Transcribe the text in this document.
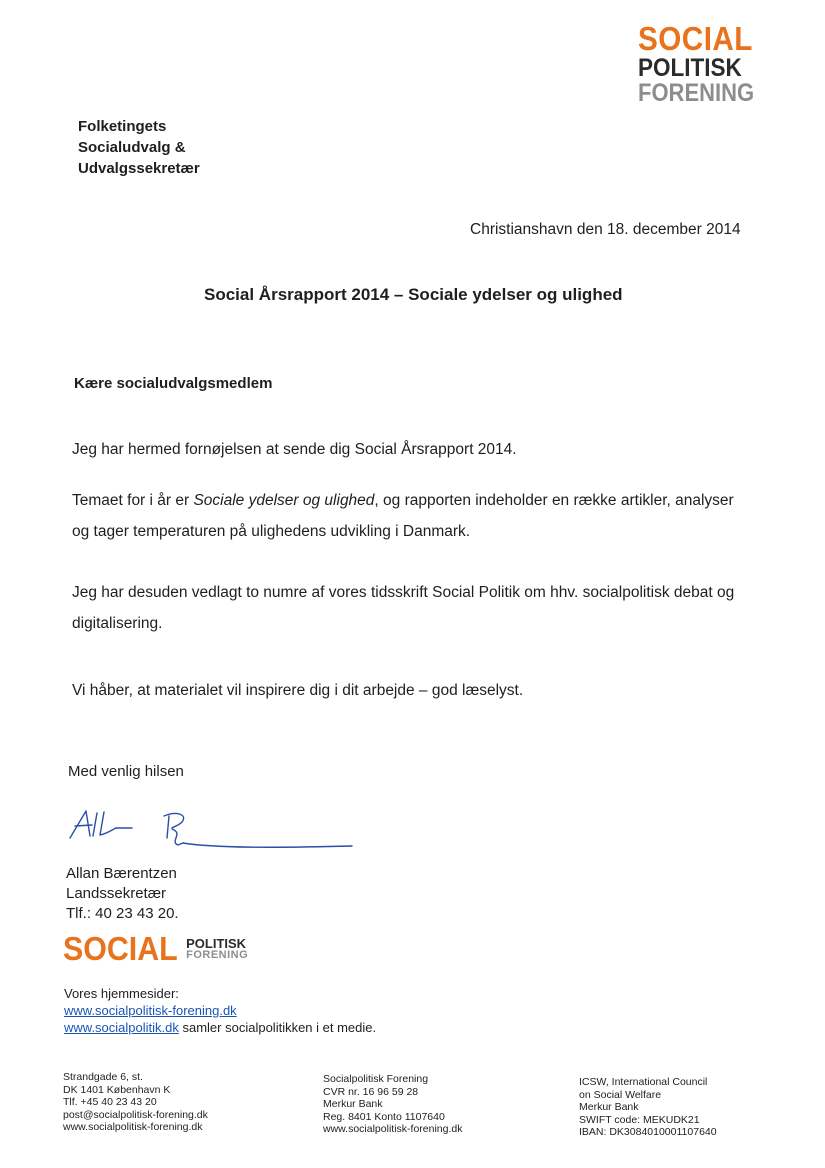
SOCIAL
POLITISK
FORENING
Folketingets
Socialudvalg &
Udvalgssekretær
Christianshavn den 18. december 2014
Social Årsrapport 2014 – Sociale ydelser og ulighed
Kære socialudvalgsmedlem
Jeg har hermed fornøjelsen at sende dig Social Årsrapport 2014.
Temaet for i år er Sociale ydelser og ulighed, og rapporten indeholder en række artikler, analyser og tager temperaturen på ulighedens udvikling i Danmark.
Jeg har desuden vedlagt to numre af vores tidsskrift Social Politik om hhv. socialpolitisk debat og digitalisering.
Vi håber, at materialet vil inspirere dig i dit arbejde – god læselyst.
Med venlig hilsen
Allan Bærentzen
Landssekretær
Tlf.: 40 23 43 20.
SOCIAL POLITISK
FORENING
Vores hjemmesider:
www.socialpolitisk-forening.dk
www.socialpolitik.dk samler socialpolitikken i et medie.
Strandgade 6, st.
DK 1401 København K
Tlf. +45 40 23 43 20
post@socialpolitisk-forening.dk
www.socialpolitisk-forening.dk
Socialpolitisk Forening
CVR nr. 16 96 59 28
Merkur Bank
Reg. 8401 Konto 1107640
www.socialpolitisk-forening.dk
ICSW, International Council
on Social Welfare
Merkur Bank
SWIFT code: MEKUDK21
IBAN: DK3084010001107640
